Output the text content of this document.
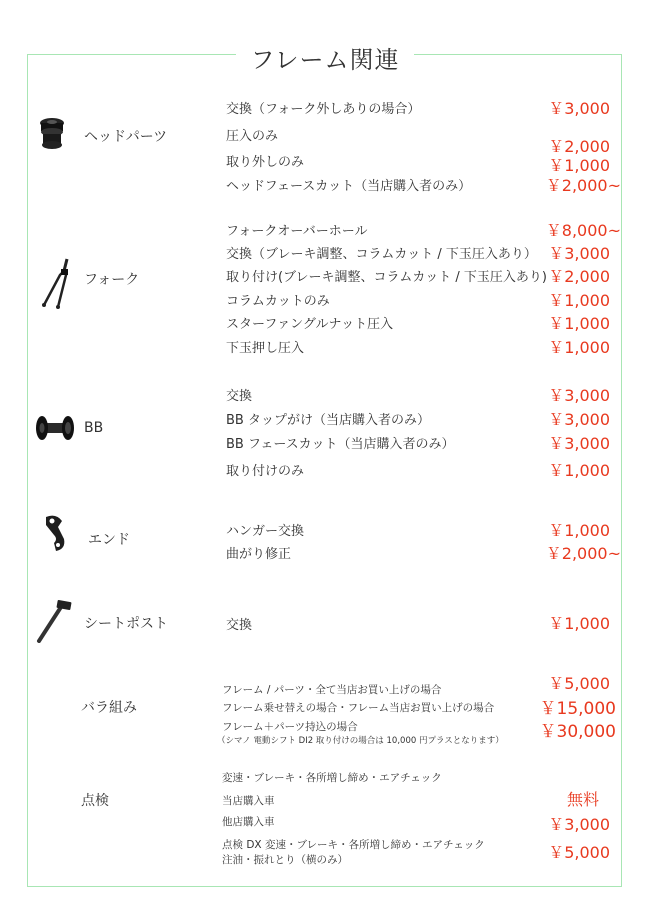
フレーム関連
ヘッドパーツ
交換（フォーク外しありの場合）
圧入のみ
取り外しのみ
ヘッドフェースカット（当店購入者のみ）
￥3,000
￥2,000
￥1,000
￥2,000~
フォーク
フォークオーバーホール
交換（ブレーキ調整、コラムカット / 下玉圧入あり）
取り付け(ブレーキ調整、コラムカット / 下玉圧入あり)
コラムカットのみ
スターファングルナット圧入
下玉押し圧入
￥8,000~
￥3,000
￥2,000
￥1,000
￥1,000
￥1,000
BB
交換
BB タップがけ（当店購入者のみ）
BB フェースカット（当店購入者のみ）
取り付けのみ
￥3,000
￥3,000
￥3,000
￥1,000
エンド
ハンガー交換
曲がり修正
￥1,000
￥2,000~
シートポスト	交換	￥1,000
バラ組み
フレーム / パーツ・全て当店お買い上げの場合
フレーム乗せ替えの場合・フレーム当店お買い上げの場合
フレーム＋パーツ持込の場合
（シマノ 電動シフト DI2 取り付けの場合は 10,000 円プラスとなります）
￥5,000
￥15,000
￥30,000
点検
変速・ブレーキ・各所増し締め・エアチェック
当店購入車
他店購入車
点検 DX 変速・ブレーキ・各所増し締め・エアチェック
注油・振れとり（横のみ）
無料
￥3,000
￥5,000
